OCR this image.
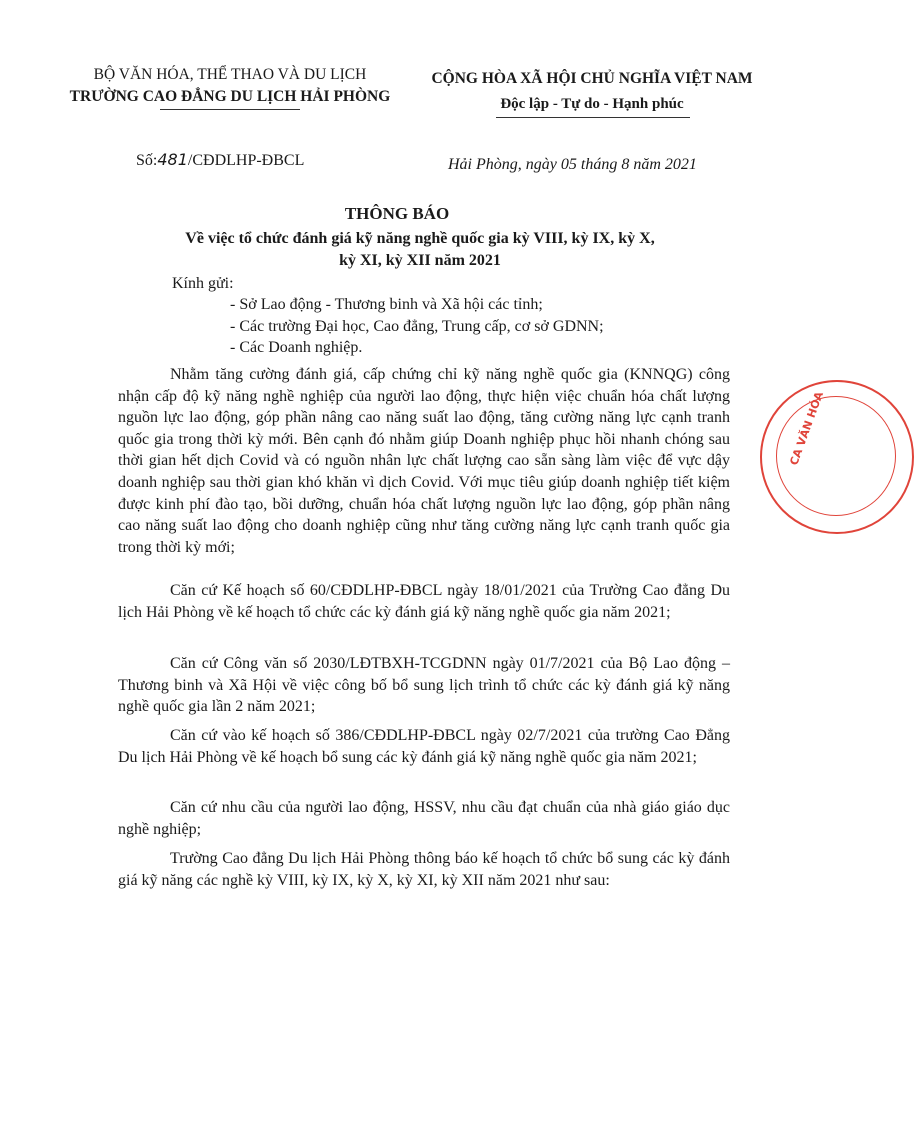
BỘ VĂN HÓA, THỂ THAO VÀ DU LỊCH
TRƯỜNG CAO ĐẲNG DU LỊCH HẢI PHÒNG
CỘNG HÒA XÃ HỘI CHỦ NGHĨA VIỆT NAM
Độc lập - Tự do - Hạnh phúc
Số:481/CĐDLHP-ĐBCL	Hải Phòng, ngày 05 tháng 8 năm 2021
THÔNG BÁO
Về việc tổ chức đánh giá kỹ năng nghề quốc gia kỳ VIII, kỳ IX, kỳ X,
kỳ XI, kỳ XII năm 2021
Kính gửi:
- Sở Lao động - Thương binh và Xã hội các tỉnh;
- Các trường Đại học, Cao đẳng, Trung cấp, cơ sở GDNN;
- Các Doanh nghiệp.

Nhằm tăng cường đánh giá, cấp chứng chỉ kỹ năng nghề quốc gia (KNNQG) công nhận cấp độ kỹ năng nghề nghiệp của người lao động, thực hiện việc chuẩn hóa chất lượng nguồn lực lao động, góp phần nâng cao năng suất lao động, tăng cường năng lực cạnh tranh quốc gia trong thời kỳ mới. Bên cạnh đó nhằm giúp Doanh nghiệp phục hồi nhanh chóng sau thời gian hết dịch Covid và có nguồn nhân lực chất lượng cao sẵn sàng làm việc để vực dậy doanh nghiệp sau thời gian khó khăn vì dịch Covid. Với mục tiêu giúp doanh nghiệp tiết kiệm được kinh phí đào tạo, bồi dưỡng, chuẩn hóa chất lượng nguồn lực lao động, góp phần nâng cao năng suất lao động cho doanh nghiệp cũng như tăng cường năng lực cạnh tranh quốc gia trong thời kỳ mới;

Căn cứ Kế hoạch số 60/CĐDLHP-ĐBCL ngày 18/01/2021 của Trường Cao đẳng Du lịch Hải Phòng về kế hoạch tổ chức các kỳ đánh giá kỹ năng nghề quốc gia năm 2021;

Căn cứ Công văn số 2030/LĐTBXH-TCGDNN ngày 01/7/2021 của Bộ Lao động – Thương binh và Xã Hội về việc công bố bổ sung lịch trình tổ chức các kỳ đánh giá kỹ năng nghề quốc gia lần 2 năm 2021;

Căn cứ vào kế hoạch số 386/CĐDLHP-ĐBCL ngày 02/7/2021 của trường Cao Đẳng Du lịch Hải Phòng về kế hoạch bổ sung các kỳ đánh giá kỹ năng nghề quốc gia năm 2021;

Căn cứ nhu cầu của người lao động, HSSV, nhu cầu đạt chuẩn của nhà giáo giáo dục nghề nghiệp;

Trường Cao đẳng Du lịch Hải Phòng thông báo kế hoạch tổ chức bổ sung các kỳ đánh giá kỹ năng các nghề kỳ VIII, kỳ IX, kỳ X, kỳ XI, kỳ XII năm 2021 như sau:

CA VĂN HÓA
